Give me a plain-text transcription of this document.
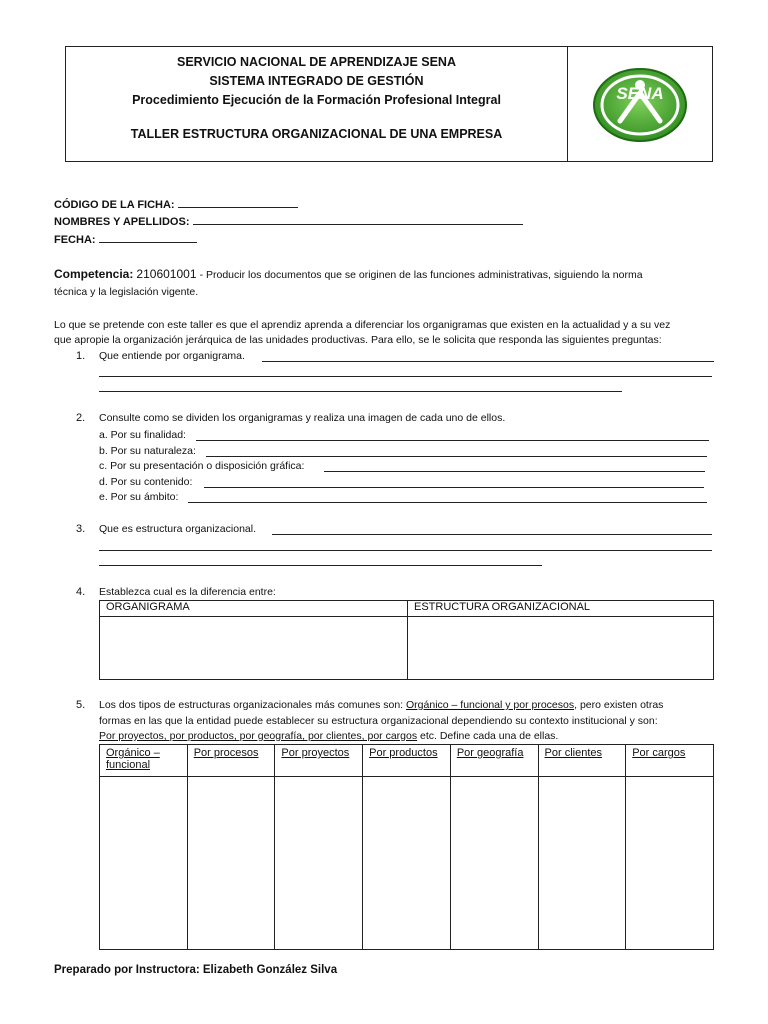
SERVICIO NACIONAL DE APRENDIZAJE SENA
SISTEMA INTEGRADO DE GESTIÓN
Procedimiento Ejecución de la Formación Profesional Integral
TALLER ESTRUCTURA ORGANIZACIONAL DE UNA EMPRESA
SENA
CÓDIGO DE LA FICHA:
NOMBRES Y APELLIDOS:
FECHA:
Competencia: 210601001 - Producir los documentos que se originen de las funciones administrativas, siguiendo la norma
técnica y la legislación vigente.
Lo que se pretende con este taller es que el aprendiz aprenda a diferenciar los organigramas que existen en la actualidad y a su vez
que apropie la organización jerárquica de las unidades productivas. Para ello, se le solicita que responda las siguientes preguntas:
1. Que entiende por organigrama.
2. Consulte como se dividen los organigramas y realiza una imagen de cada uno de ellos.
a. Por su finalidad:
b. Por su naturaleza:
c. Por su presentación o disposición gráfica:
d. Por su contenido:
e. Por su ámbito:
3. Que es estructura organizacional.
4. Establezca cual es la diferencia entre:
ORGANIGRAMA	ESTRUCTURA ORGANIZACIONAL

5. Los dos tipos de estructuras organizacionales más comunes son: Orgánico – funcional y por procesos, pero existen otras
formas en las que la entidad puede establecer su estructura organizacional dependiendo su contexto institucional y son:
Por proyectos, por productos, por geografía, por clientes, por cargos etc. Define cada una de ellas.
Orgánico – funcional	Por procesos	Por proyectos	Por productos	Por geografía	Por clientes	Por cargos

Preparado por Instructora: Elizabeth González Silva
